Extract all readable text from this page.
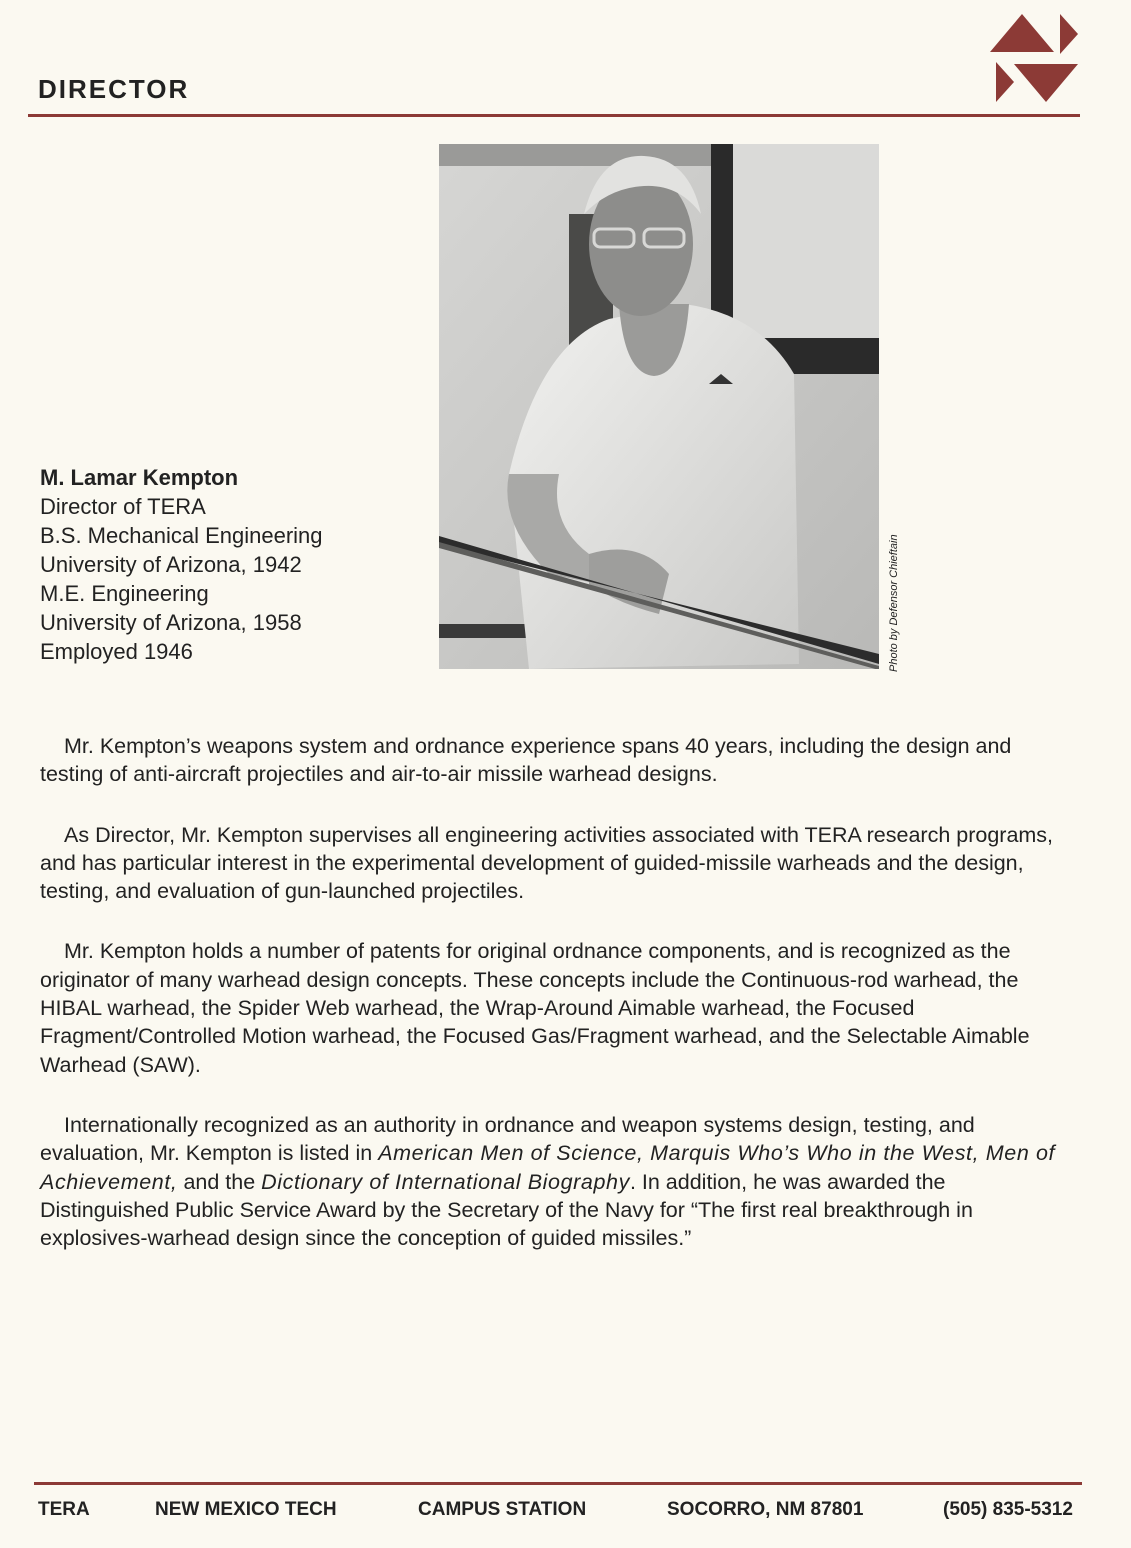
DIRECTOR
Photo by Defensor Chieftain
M. Lamar Kempton
Director of TERA
B.S. Mechanical Engineering
University of Arizona, 1942
M.E. Engineering
University of Arizona, 1958
Employed 1946

Mr. Kempton’s weapons system and ordnance experience spans 40 years, including the design and testing of anti-aircraft projectiles and air-to-air missile warhead designs.

As Director, Mr. Kempton supervises all engineering activities associated with TERA research programs, and has particular interest in the experimental development of guided-missile warheads and the design, testing, and evaluation of gun-launched projectiles.

Mr. Kempton holds a number of patents for original ordnance components, and is recognized as the originator of many warhead design concepts. These concepts include the Continuous-rod warhead, the HIBAL warhead, the Spider Web warhead, the Wrap-Around Aimable warhead, the Focused Fragment/Controlled Motion warhead, the Focused Gas/Fragment warhead, and the Selectable Aimable Warhead (SAW).

Internationally recognized as an authority in ordnance and weapon systems design, testing, and evaluation, Mr. Kempton is listed in American Men of Science, Marquis Who’s Who in the West, Men of Achievement, and the Dictionary of International Biography. In addition, he was awarded the Distinguished Public Service Award by the Secretary of the Navy for “The first real breakthrough in explosives-warhead design since the conception of guided missiles.”

TERA	NEW MEXICO TECH	CAMPUS STATION	SOCORRO, NM 87801	(505) 835-5312
